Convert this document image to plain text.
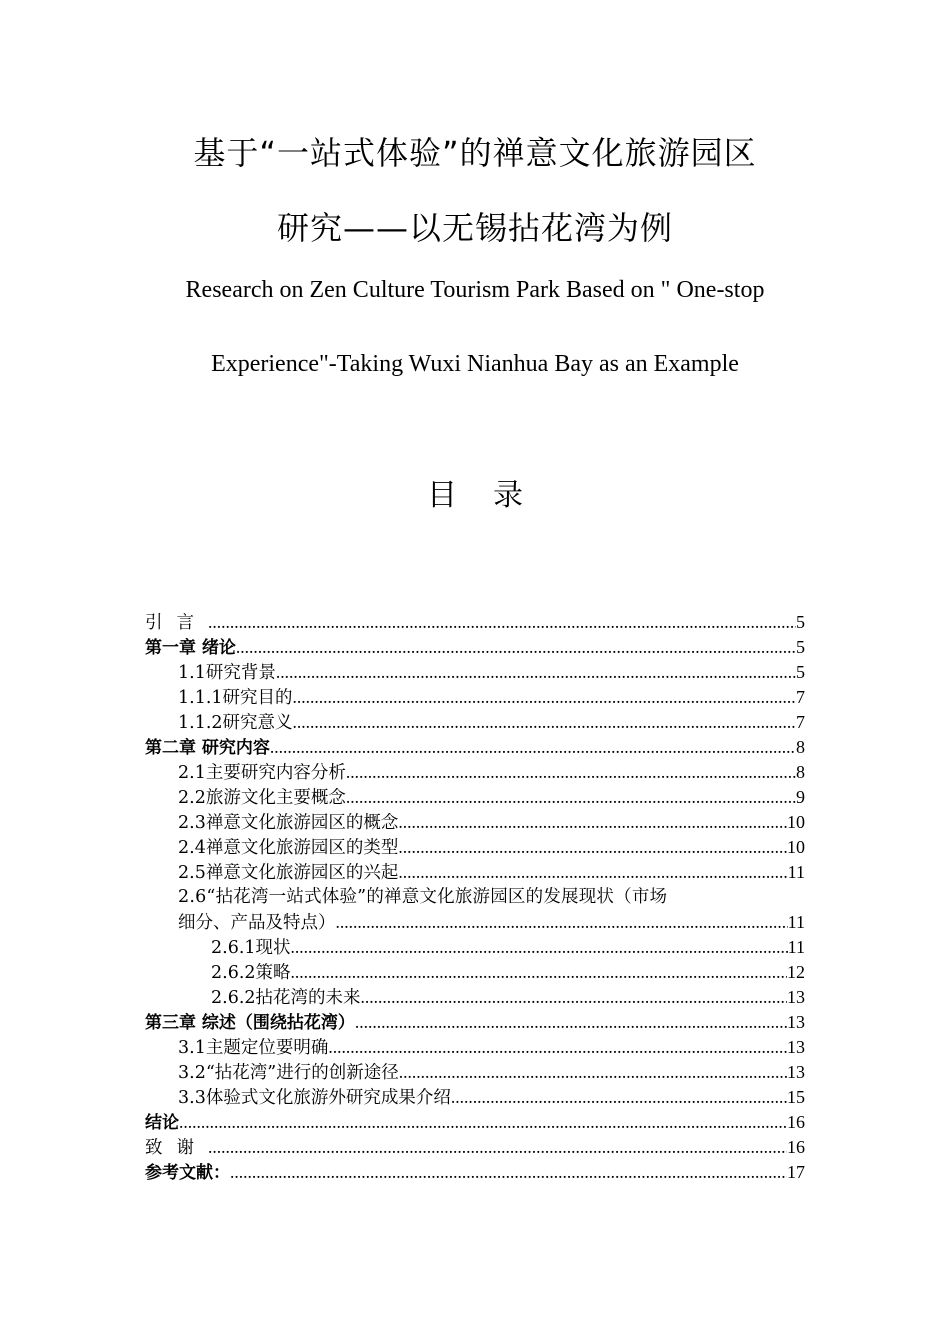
基于“一站式体验”的禅意文化旅游园区
研究——以无锡拈花湾为例
Research on Zen Culture Tourism Park Based on " One-stop
Experience"-Taking Wuxi Nianhua Bay as an Example
目录
引言 .....	5
第一章 绪论 .....	5
1.1研究背景 .....	5
1.1.1研究目的 .....	7
1.1.2研究意义 .....	7
第二章 研究内容 .....	8
2.1主要研究内容分析 .....	8
2.2旅游文化主要概念 .....	9
2.3禅意文化旅游园区的概念 .....	10
2.4禅意文化旅游园区的类型 .....	10
2.5禅意文化旅游园区的兴起 .....	11
2.6“拈花湾一站式体验”的禅意文化旅游园区的发展现状（市场
细分、产品及特点） .....	11
2.6.1现状 .....	11
2.6.2策略 .....	12
2.6.2拈花湾的未来 .....	13
第三章 综述（围绕拈花湾） .....	13
3.1主题定位要明确 .....	13
3.2“拈花湾”进行的创新途径 .....	13
3.3体验式文化旅游外研究成果介绍 .....	15
结论 .....	16
致谢 .....	16
参考文献： .....	17
